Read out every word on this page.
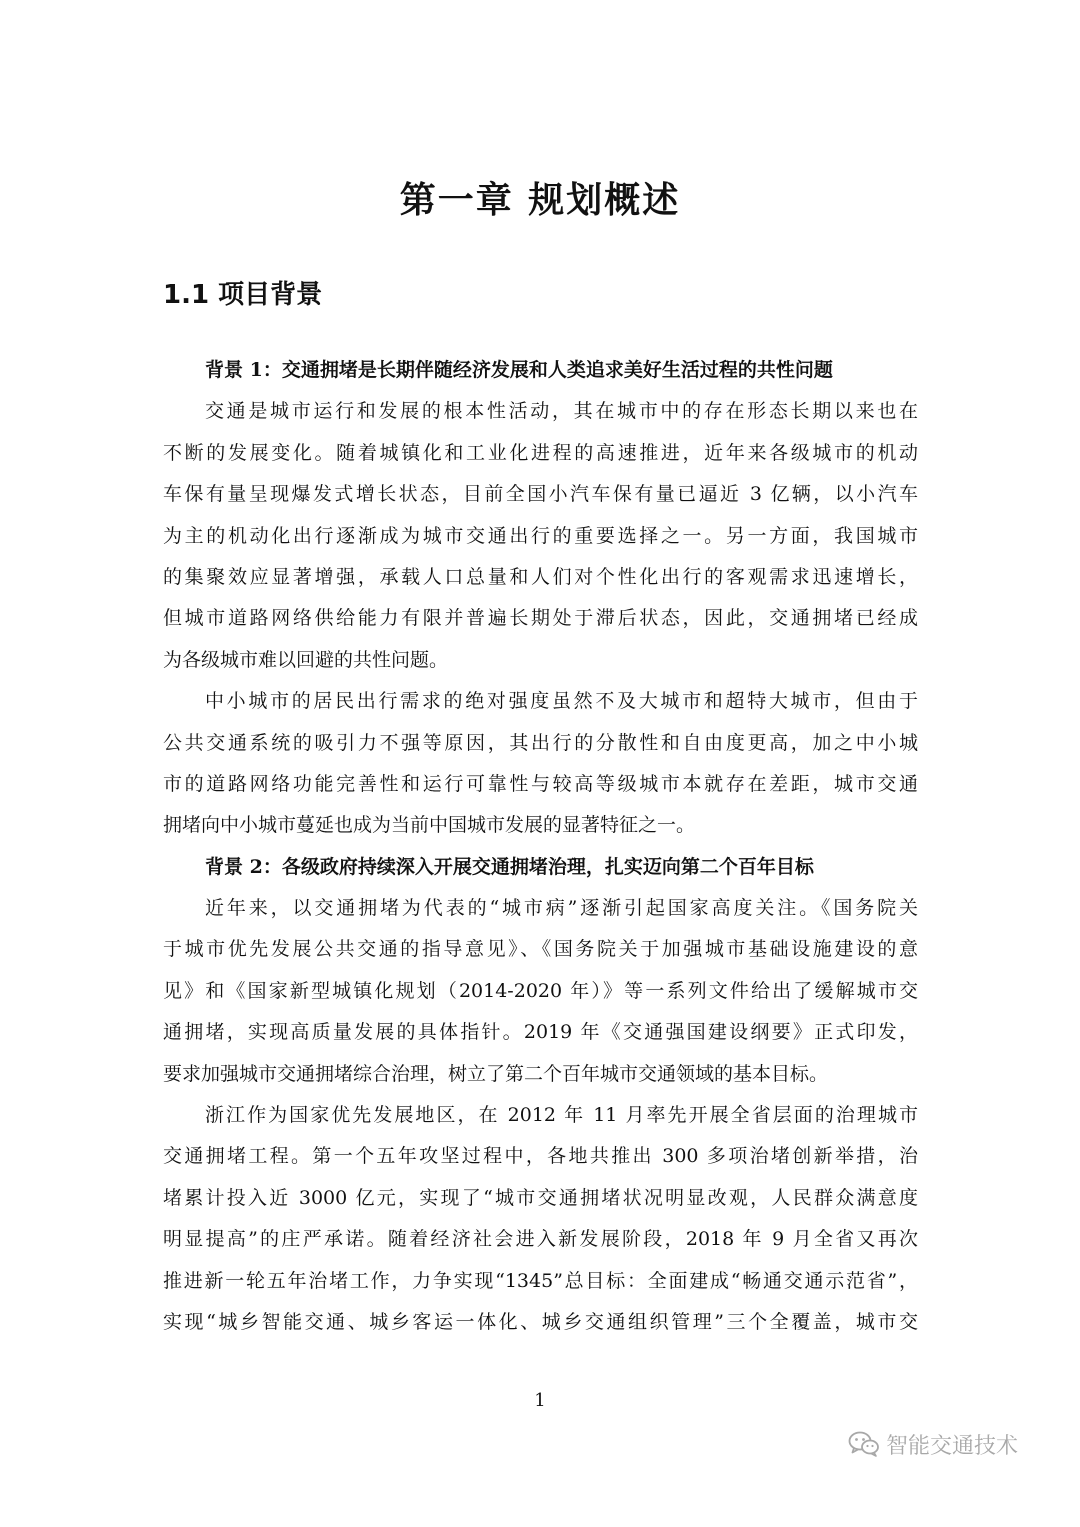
第一章 规划概述
1.1 项目背景
背景 1：交通拥堵是长期伴随经济发展和人类追求美好生活过程的共性问题
交通是城市运行和发展的根本性活动，其在城市中的存在形态长期以来也在
不断的发展变化。随着城镇化和工业化进程的高速推进，近年来各级城市的机动
车保有量呈现爆发式增长状态，目前全国小汽车保有量已逼近 3 亿辆，以小汽车
为主的机动化出行逐渐成为城市交通出行的重要选择之一。另一方面，我国城市
的集聚效应显著增强，承载人口总量和人们对个性化出行的客观需求迅速增长，
但城市道路网络供给能力有限并普遍长期处于滞后状态，因此，交通拥堵已经成
为各级城市难以回避的共性问题。
中小城市的居民出行需求的绝对强度虽然不及大城市和超特大城市，但由于
公共交通系统的吸引力不强等原因，其出行的分散性和自由度更高，加之中小城
市的道路网络功能完善性和运行可靠性与较高等级城市本就存在差距，城市交通
拥堵向中小城市蔓延也成为当前中国城市发展的显著特征之一。
背景 2：各级政府持续深入开展交通拥堵治理，扎实迈向第二个百年目标
近年来，以交通拥堵为代表的“城市病”逐渐引起国家高度关注。《国务院关
于城市优先发展公共交通的指导意见》、《国务院关于加强城市基础设施建设的意
见》和《国家新型城镇化规划（2014-2020 年）》等一系列文件给出了缓解城市交
通拥堵，实现高质量发展的具体指针。2019 年《交通强国建设纲要》正式印发，
要求加强城市交通拥堵综合治理，树立了第二个百年城市交通领域的基本目标。
浙江作为国家优先发展地区，在 2012 年 11 月率先开展全省层面的治理城市
交通拥堵工程。第一个五年攻坚过程中，各地共推出 300 多项治堵创新举措，治
堵累计投入近 3000 亿元，实现了“城市交通拥堵状况明显改观，人民群众满意度
明显提高”的庄严承诺。随着经济社会进入新发展阶段，2018 年 9 月全省又再次
推进新一轮五年治堵工作，力争实现“1345”总目标：全面建成“畅通交通示范省”，
实现“城乡智能交通、城乡客运一体化、城乡交通组织管理”三个全覆盖，城市交
1
智能交通技术
